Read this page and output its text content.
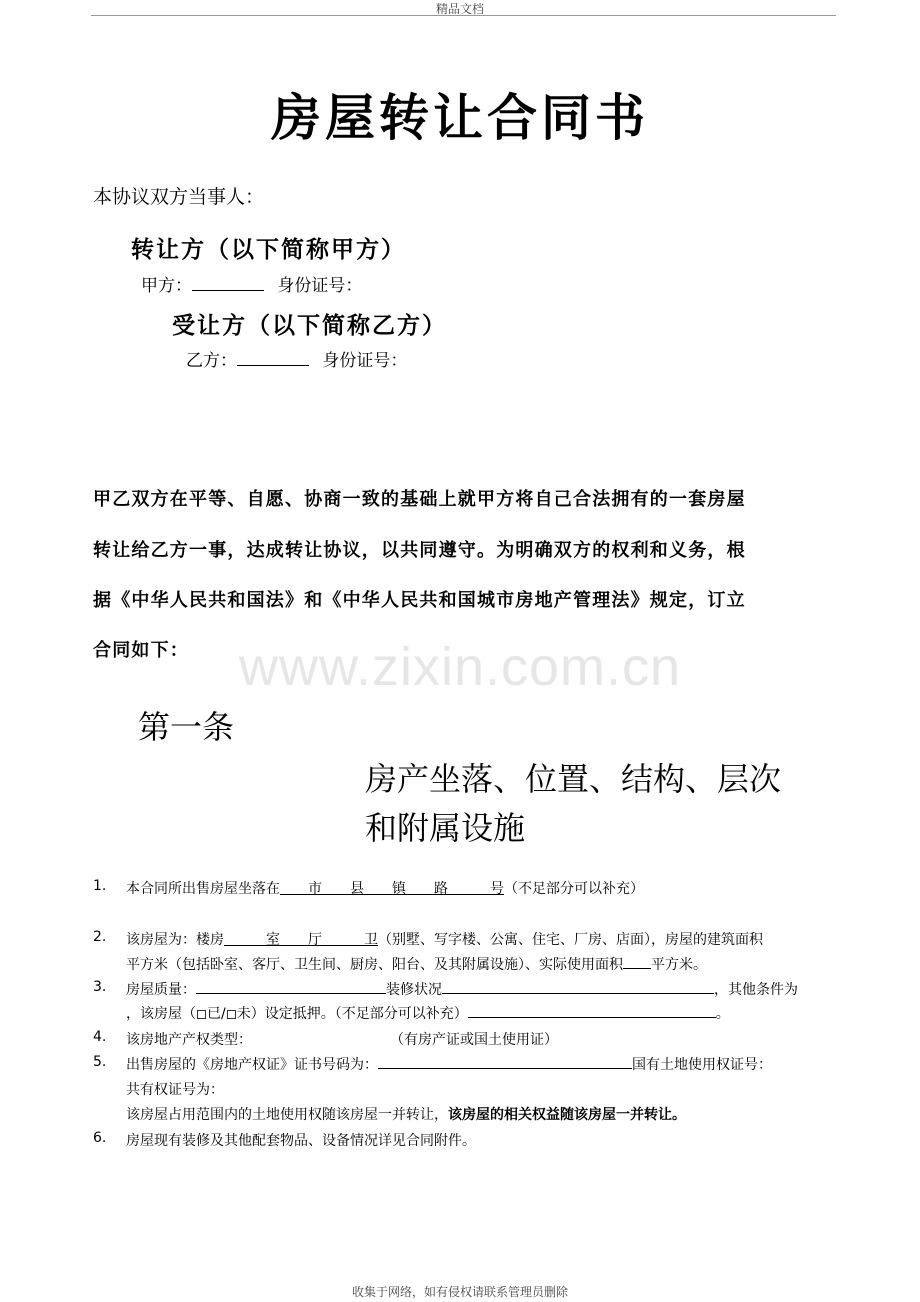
精品文档
房屋转让合同书
本协议双方当事人：
转让方（以下简称甲方）
甲方：	身份证号：
受让方（以下简称乙方）
乙方：	身份证号：
甲乙双方在平等、自愿、协商一致的基础上就甲方将自己合法拥有的一套房屋
转让给乙方一事，达成转让协议，以共同遵守。为明确双方的权利和义务，根
据《中华人民共和国法》和《中华人民共和国城市房地产管理法》规定，订立
合同如下： www.zixin.com.cn
第一条
房产坐落、位置、结构、层次
和附属设施
1. 本合同所出售房屋坐落在　　市　　县　　镇　　路　　　号（不足部分可以补充）
2. 该房屋为：楼房　　　室　　厅　　　卫（别墅、写字楼、公寓、住宅、厂房、店面），房屋的建筑面积
平方米（包括卧室、客厅、卫生间、厨房、阳台、及其附属设施）、实际使用面积 平方米。
3. 房屋质量：	装修状况	，其他条件为
，该房屋（ 已/ 未）设定抵押。（不足部分可以补充）	。
4. 该房地产产权类型：	（有房产证或国土使用证）
5. 出售房屋的《房地产权证》证书号码为：	国有土地使用权证号：
共有权证号为：
该房屋占用范围内的土地使用权随该房屋一并转让，该房屋的相关权益随该房屋一并转让。
6. 房屋现有装修及其他配套物品、设备情况详见合同附件。
收集于网络，如有侵权请联系管理员删除
